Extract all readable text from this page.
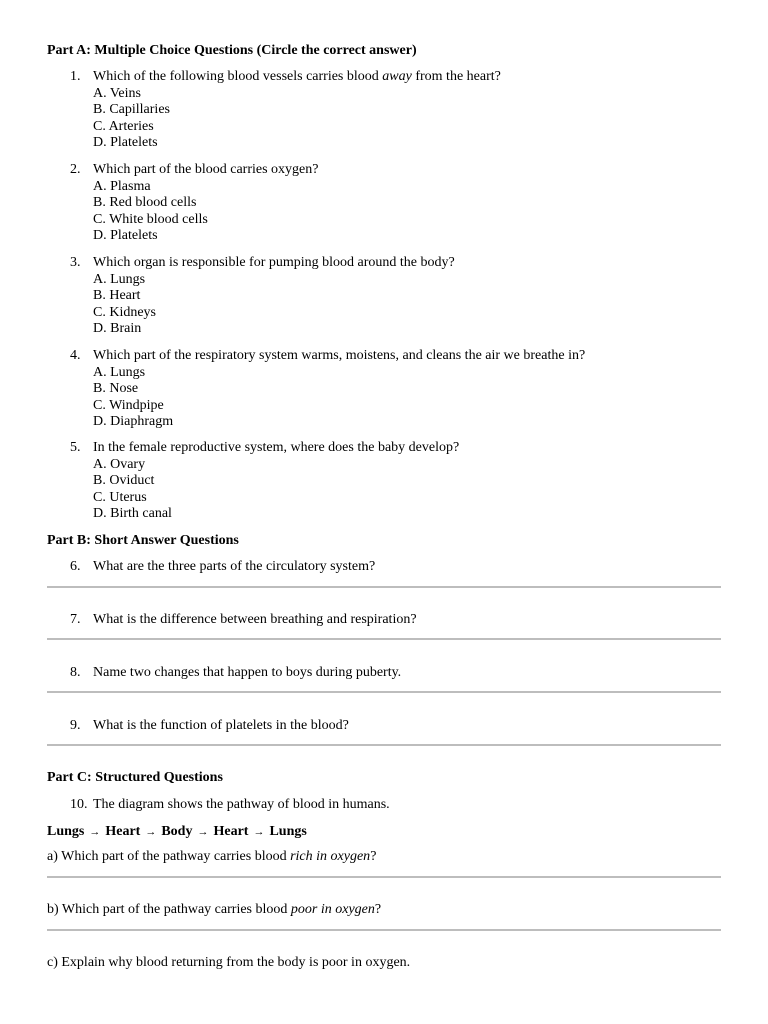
Part A: Multiple Choice Questions (Circle the correct answer)
1. Which of the following blood vessels carries blood away from the heart?
A. Veins
B. Capillaries
C. Arteries
D. Platelets
2. Which part of the blood carries oxygen?
A. Plasma
B. Red blood cells
C. White blood cells
D. Platelets
3. Which organ is responsible for pumping blood around the body?
A. Lungs
B. Heart
C. Kidneys
D. Brain
4. Which part of the respiratory system warms, moistens, and cleans the air we breathe in?
A. Lungs
B. Nose
C. Windpipe
D. Diaphragm
5. In the female reproductive system, where does the baby develop?
A. Ovary
B. Oviduct
C. Uterus
D. Birth canal
Part B: Short Answer Questions
6. What are the three parts of the circulatory system?
7. What is the difference between breathing and respiration?
8. Name two changes that happen to boys during puberty.
9. What is the function of platelets in the blood?
Part C: Structured Questions
10. The diagram shows the pathway of blood in humans.
Lungs → Heart → Body → Heart → Lungs
a) Which part of the pathway carries blood rich in oxygen?
b) Which part of the pathway carries blood poor in oxygen?
c) Explain why blood returning from the body is poor in oxygen.
